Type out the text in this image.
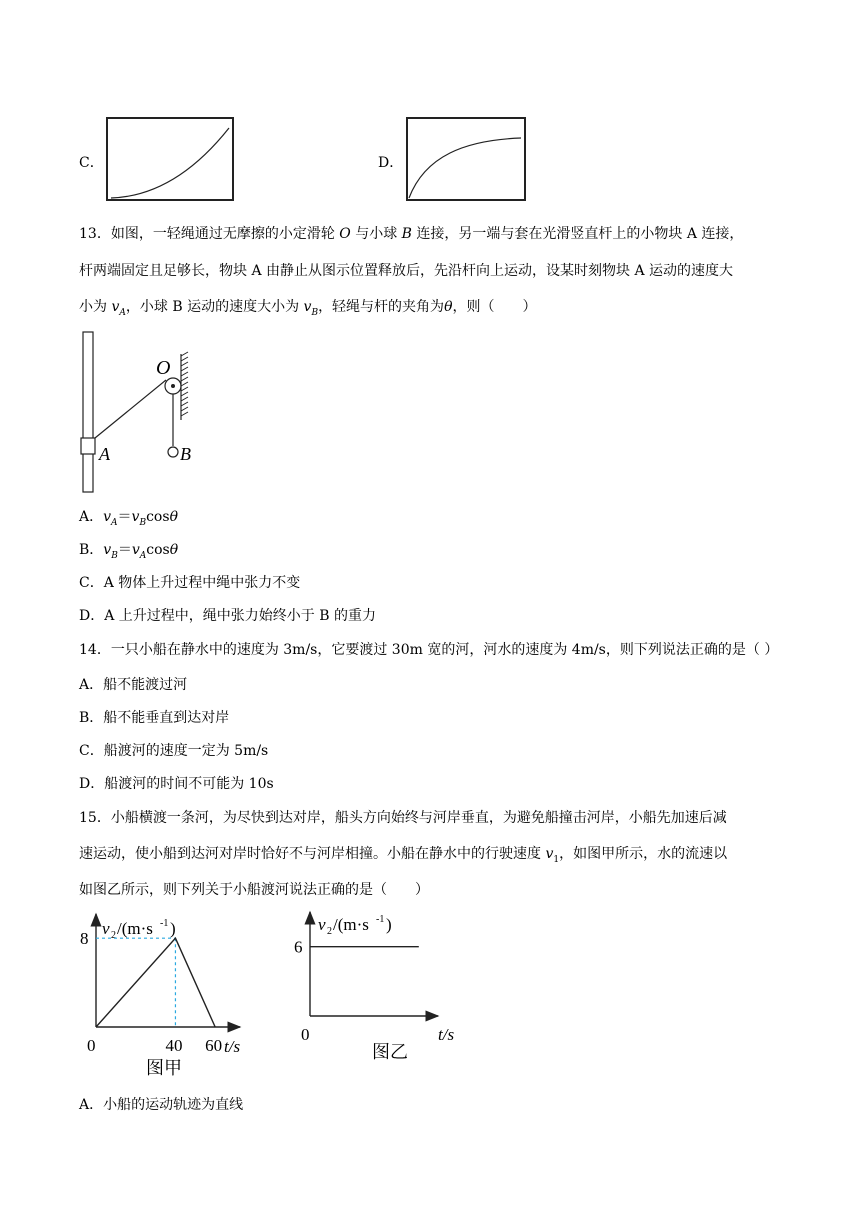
C．	D．
13．如图，一轻绳通过无摩擦的小定滑轮 O 与小球 B 连接，另一端与套在光滑竖直杆上的小物块 A 连接，
杆两端固定且足够长，物块 A 由静止从图示位置释放后，先沿杆向上运动，设某时刻物块 A 运动的速度大
小为 $v_A$，小球 B 运动的速度大小为 $v_B$，轻绳与杆的夹角为θ，则（　　）
O
A	B
A．$v_A=v_B\cos\theta$
B．$v_B=v_A\cos\theta$
C．A 物体上升过程中绳中张力不变
D．A 上升过程中，绳中张力始终小于 B 的重力
14．一只小船在静水中的速度为 3m/s，它要渡过 30m 宽的河，河水的速度为 4m/s，则下列说法正确的是（ ）
A．船不能渡过河
B．船不能垂直到达对岸
C．船渡河的速度一定为 5m/s
D．船渡河的时间不可能为 10s
15．小船横渡一条河，为尽快到达对岸，船头方向始终与河岸垂直，为避免船撞击河岸，小船先加速后减
速运动，使小船到达河对岸时恰好不与河岸相撞。小船在静水中的行驶速度 $v_1$，如图甲所示，水的流速以
如图乙所示，则下列关于小船渡河说法正确的是（　　）
v 2 /(m·s -1 )
t/s
0	40 60
8
图甲
v 2 /(m·s -1 )
t/s
0
6
图乙
A．小船的运动轨迹为直线
